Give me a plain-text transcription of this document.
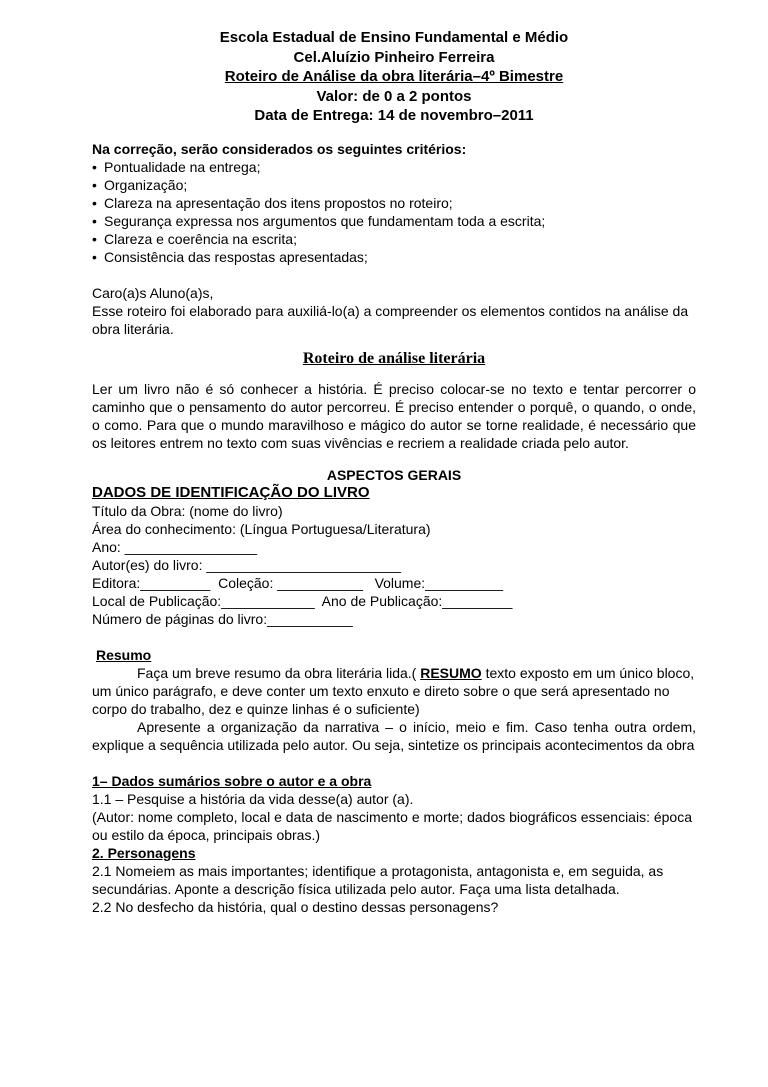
Escola Estadual de Ensino Fundamental e Médio
Cel.Aluízio Pinheiro Ferreira
Roteiro de Análise da obra literária–4º Bimestre
Valor: de 0 a 2 pontos
Data de Entrega: 14 de novembro–2011
Na correção, serão considerados os seguintes critérios:
• Pontualidade na entrega;
• Organização;
• Clareza na apresentação dos itens propostos no roteiro;
• Segurança expressa nos argumentos que fundamentam toda a escrita;
• Clareza e coerência na escrita;
• Consistência das respostas apresentadas;
Caro(a)s Aluno(a)s,

Esse roteiro foi elaborado para auxiliá-lo(a) a compreender os elementos contidos na análise da obra literária.

Roteiro de análise literária

Ler um livro não é só conhecer a história. É preciso colocar-se no texto e tentar percorrer o caminho que o pensamento do autor percorreu. É preciso entender o porquê, o quando, o onde, o como. Para que o mundo maravilhoso e mágico do autor se torne realidade, é necessário que os leitores entrem no texto com suas vivências e recriem a realidade criada pelo autor.

ASPECTOS GERAIS
DADOS DE IDENTIFICAÇÃO DO LIVRO
Título da Obra: (nome do livro)
Área do conhecimento: (Língua Portuguesa/Literatura)
Ano: _________________
Autor(es) do livro: _________________________
Editora:_________  Coleção: ___________   Volume:__________
Local de Publicação:____________  Ano de Publicação:_________
Número de páginas do livro:___________
Resumo

Faça um breve resumo da obra literária lida.( RESUMO texto exposto em um único bloco, um único parágrafo, e deve conter um texto enxuto e direto sobre o que será apresentado no corpo do trabalho, dez e quinze linhas é o suficiente)

Apresente a organização da narrativa – o início, meio e fim. Caso tenha outra ordem, explique a sequência utilizada pelo autor. Ou seja, sintetize os principais acontecimentos da obra

1– Dados sumários sobre o autor e a obra
1.1 – Pesquise a história da vida desse(a) autor (a).

(Autor: nome completo, local e data de nascimento e morte; dados biográficos essenciais: época ou estilo da época, principais obras.)

2. Personagens

2.1 Nomeiem as mais importantes; identifique a protagonista, antagonista e, em seguida, as secundárias. Aponte a descrição física utilizada pelo autor. Faça uma lista detalhada.

2.2 No desfecho da história, qual o destino dessas personagens?
